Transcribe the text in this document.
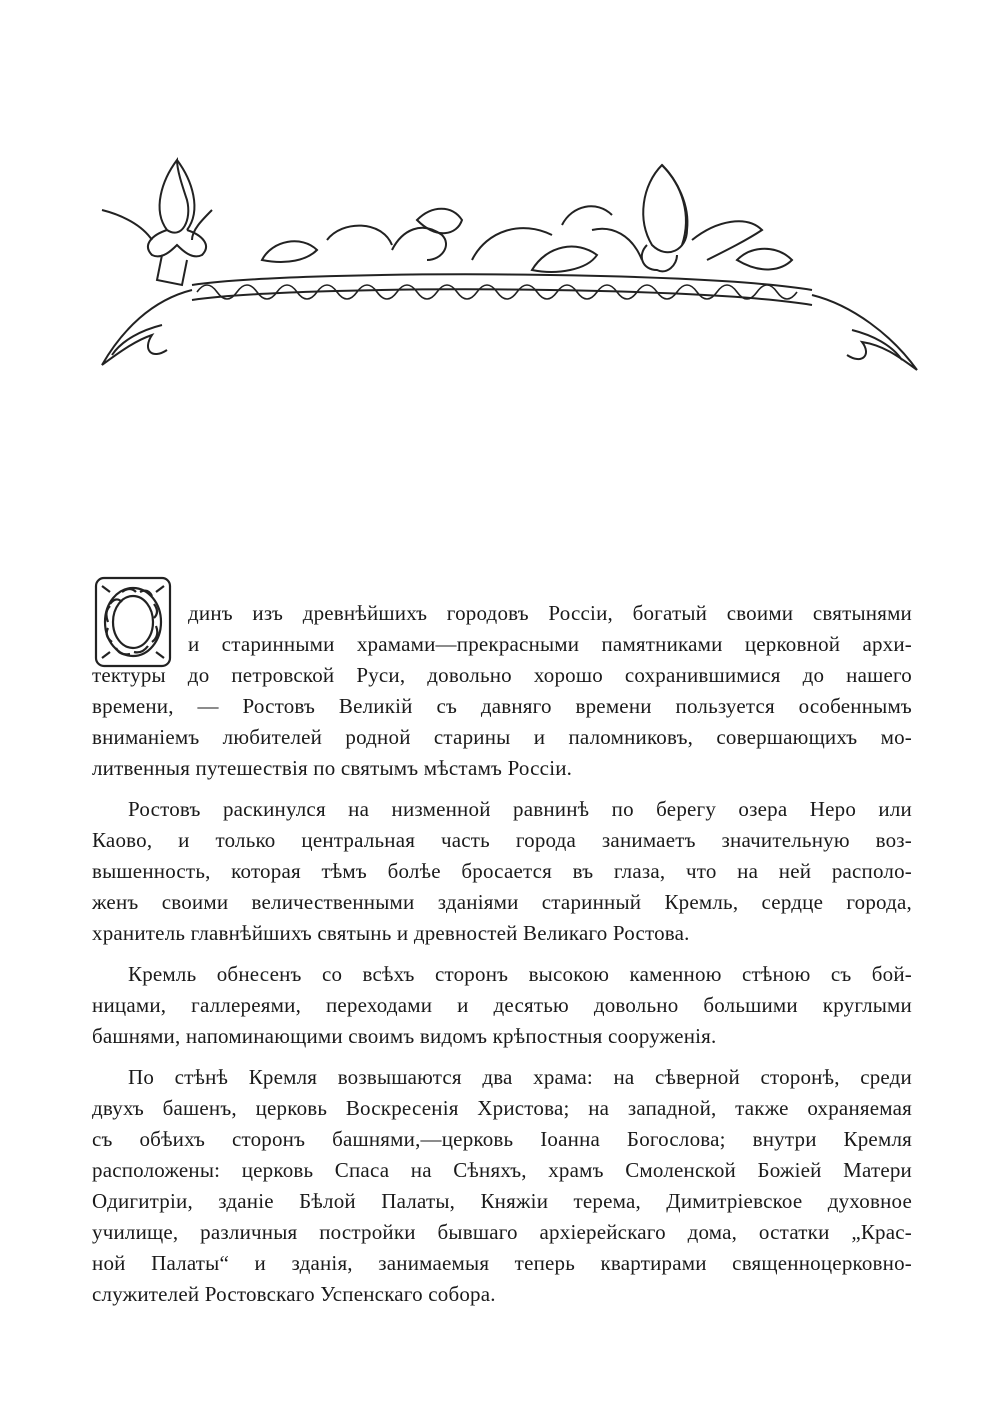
динъ изъ древнѣйшихъ городовъ Россіи, богатый своими святынями
и старинными храмами—прекрасными памятниками церковной архи-
тектуры до петровской Руси, довольно хорошо сохранившимися до нашего
времени, — Ростовъ Великій съ давняго времени пользуется особеннымъ
вниманіемъ любителей родной старины и паломниковъ, совершающихъ мо-
литвенныя путешествія по святымъ мѣстамъ Россіи.
Ростовъ раскинулся на низменной равнинѣ по берегу озера Неро или
Каово, и только центральная часть города занимаетъ значительную воз-
вышенность, которая тѣмъ болѣе бросается въ глаза, что на ней располо-
женъ своими величественными зданіями старинный Кремль, сердце города,
хранитель главнѣйшихъ святынь и древностей Великаго Ростова.
Кремль обнесенъ со всѣхъ сторонъ высокою каменною стѣною съ бой-
ницами, галлереями, переходами и десятью довольно большими круглыми
башнями, напоминающими своимъ видомъ крѣпостныя сооруженія.
По стѣнѣ Кремля возвышаются два храма: на сѣверной сторонѣ, среди
двухъ башенъ, церковь Воскресенія Христова; на западной, также охраняемая
съ обѣихъ сторонъ башнями,—церковь Іоанна Богослова; внутри Кремля
расположены: церковь Спаса на Сѣняхъ, храмъ Смоленской Божіей Матери
Одигитріи, зданіе Бѣлой Палаты, Княжіи терема, Димитріевское духовное
училище, различныя постройки бывшаго архіерейскаго дома, остатки „Крас-
ной Палаты“ и зданія, занимаемыя теперь квартирами священноцерковно-
служителей Ростовскаго Успенскаго собора.
